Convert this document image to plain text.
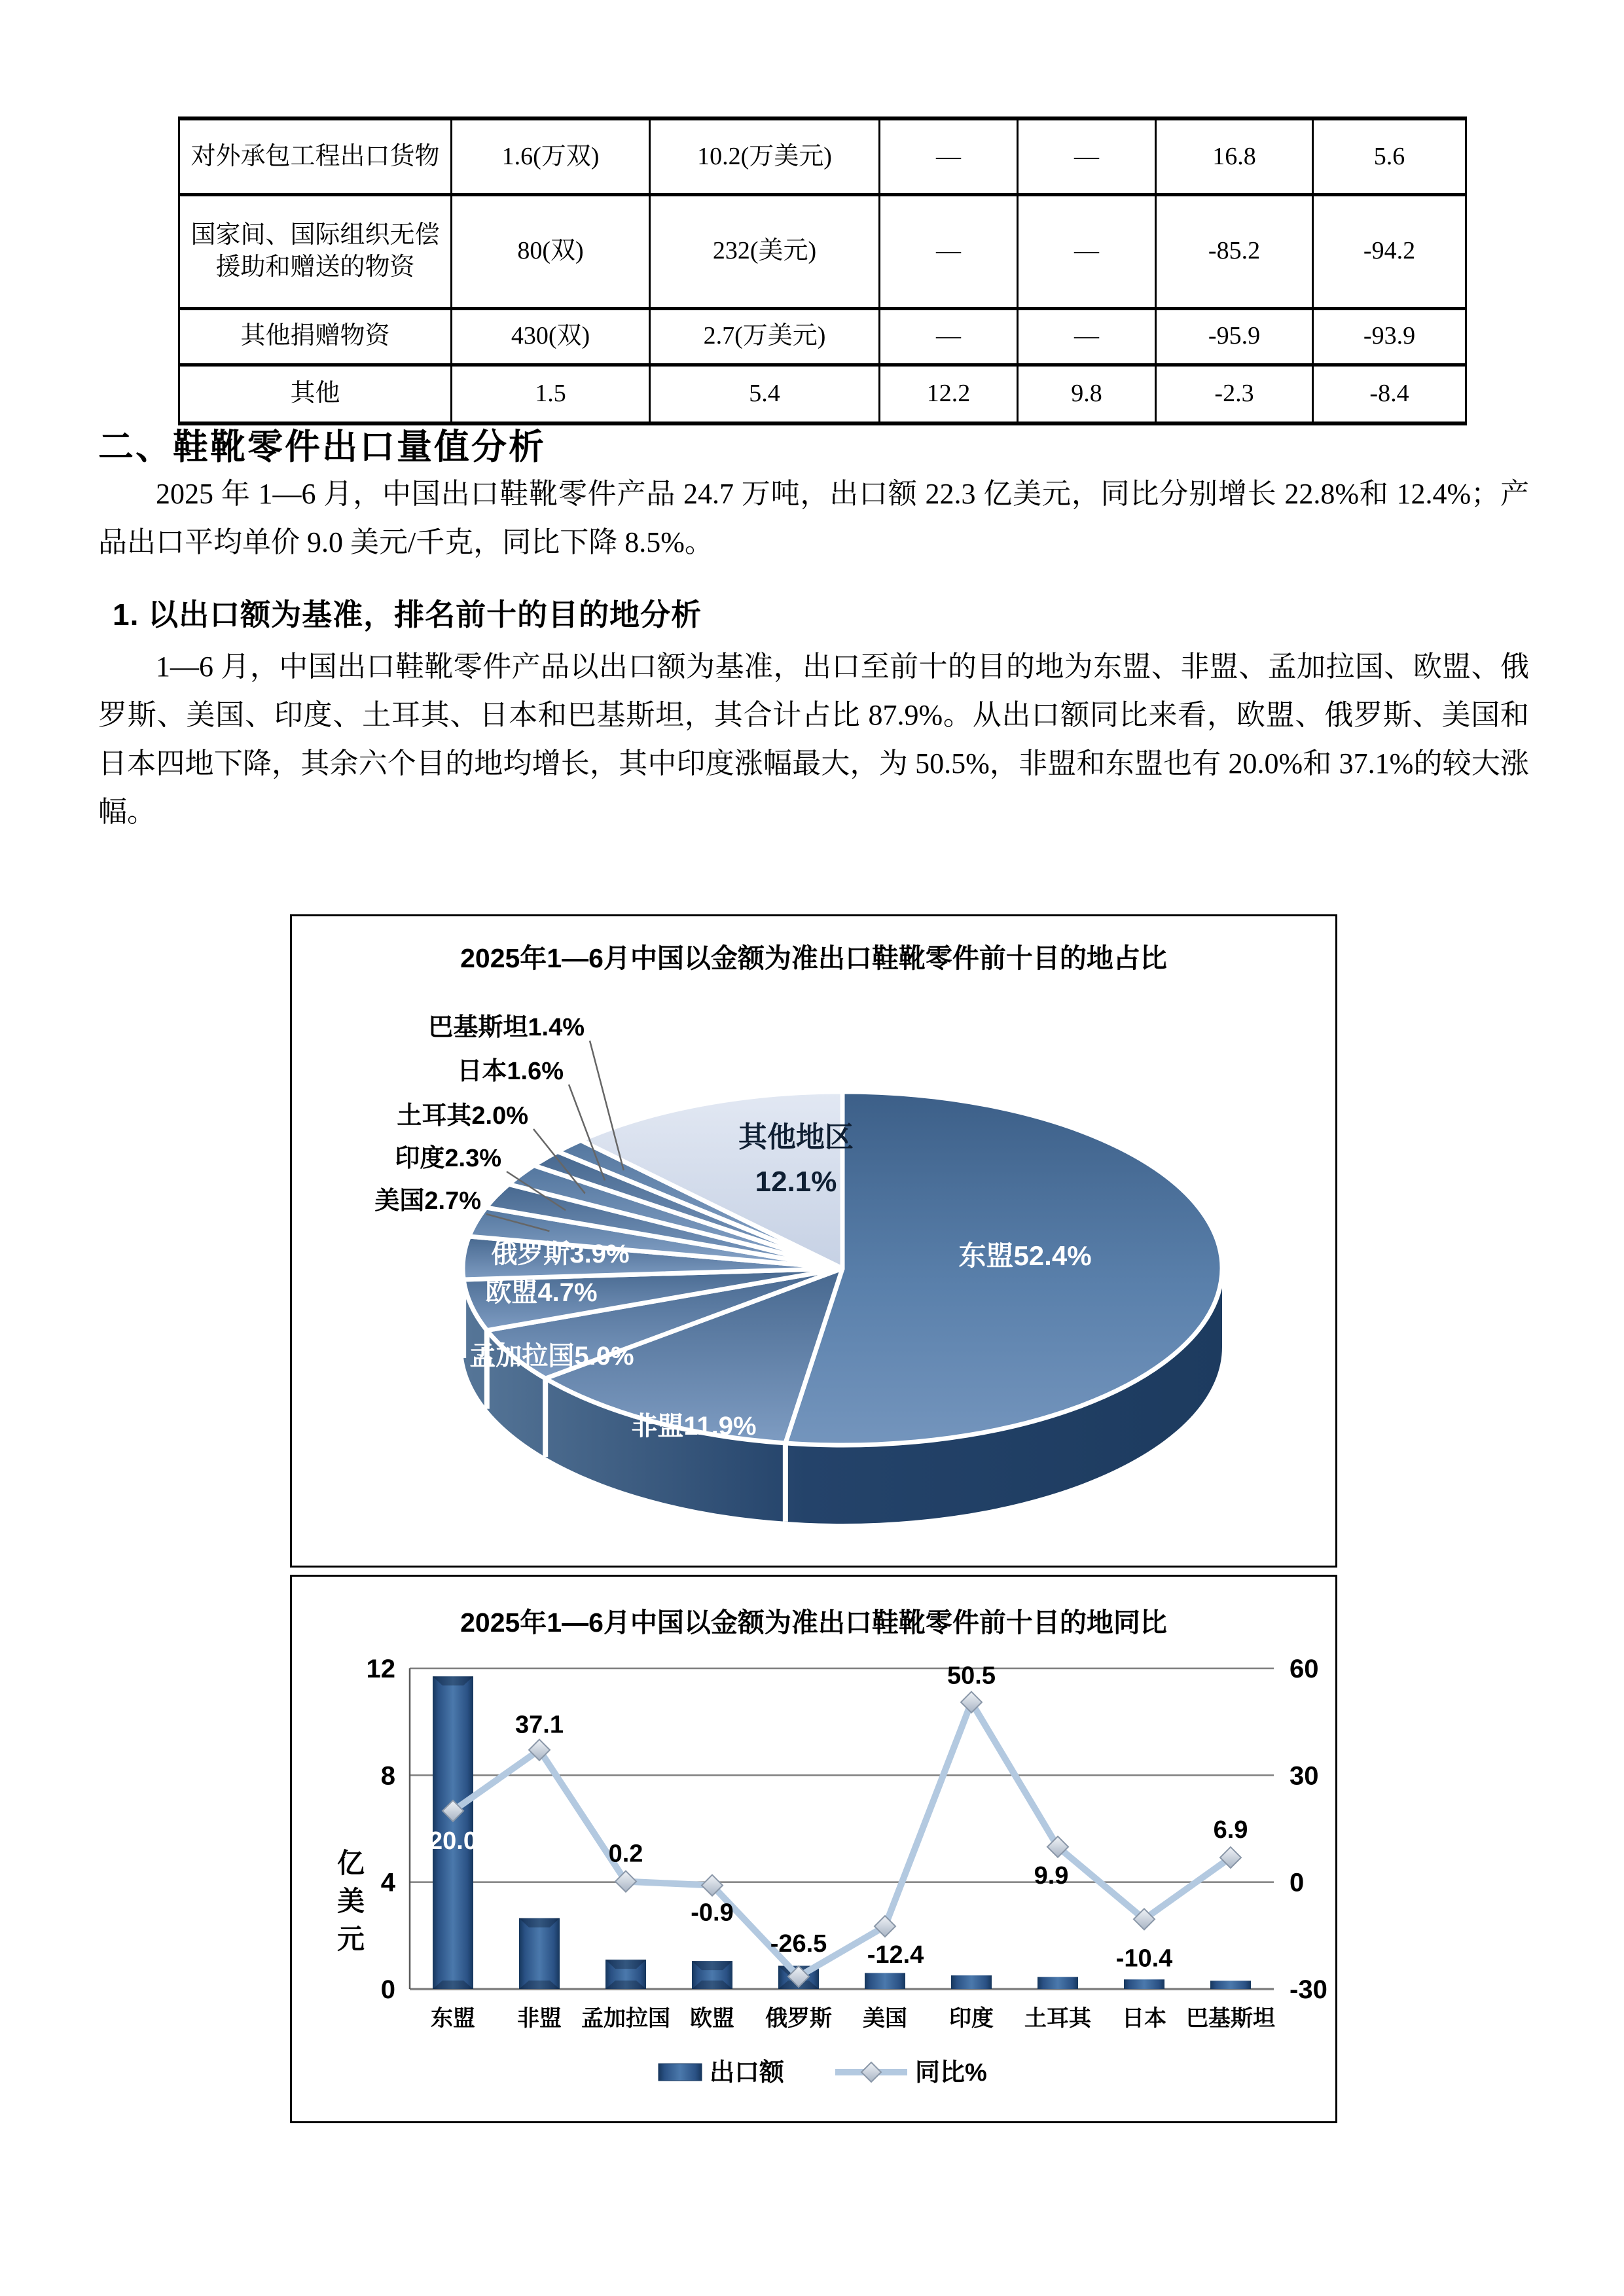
对外承包工程出口货物	1.6(万双)	10.2(万美元)	—	—	16.8	5.6
国家间、国际组织无偿援助和赠送的物资	80(双)	232(美元)	—	—	-85.2	-94.2
其他捐赠物资	430(双)	2.7(万美元)	—	—	-95.9	-93.9
其他	1.5	5.4	12.2	9.8	-2.3	-8.4
二、鞋靴零件出口量值分析

2025 年 1—6 月，中国出口鞋靴零件产品 24.7 万吨，出口额 22.3 亿美元，同比分别增长 22.8%和 12.4%；产品出口平均单价 9.0 美元/千克，同比下降 8.5%。

1. 以出口额为基准，排名前十的目的地分析

1—6 月，中国出口鞋靴零件产品以出口额为基准，出口至前十的目的地为东盟、非盟、孟加拉国、欧盟、俄罗斯、美国、印度、土耳其、日本和巴基斯坦，其合计占比 87.9%。从出口额同比来看，欧盟、俄罗斯、美国和日本四地下降，其余六个目的地均增长，其中印度涨幅最大，为 50.5%，非盟和东盟也有 20.0%和 37.1%的较大涨幅。

2025年1—6月中国以金额为准出口鞋靴零件前十目的地占比
东盟52.4%
非盟11.9%
孟加拉国5.0%
欧盟4.7%
俄罗斯3.9%
其他地区 12.1%
巴基斯坦1.4%
日本1.6%
土耳其2.0%
印度2.3%
美国2.7%
2025年1—6月中国以金额为准出口鞋靴零件前十目的地同比
0	-30
4	0
8	30
12	60
亿美元
20.0
37.1
0.2
-0.9
-26.5 -12.4
50.5
9.9
-10.4
6.9
东盟 非盟 孟加拉国 欧盟 俄罗斯 美国 印度 土耳其 日本 巴基斯坦
出口额	同比%
